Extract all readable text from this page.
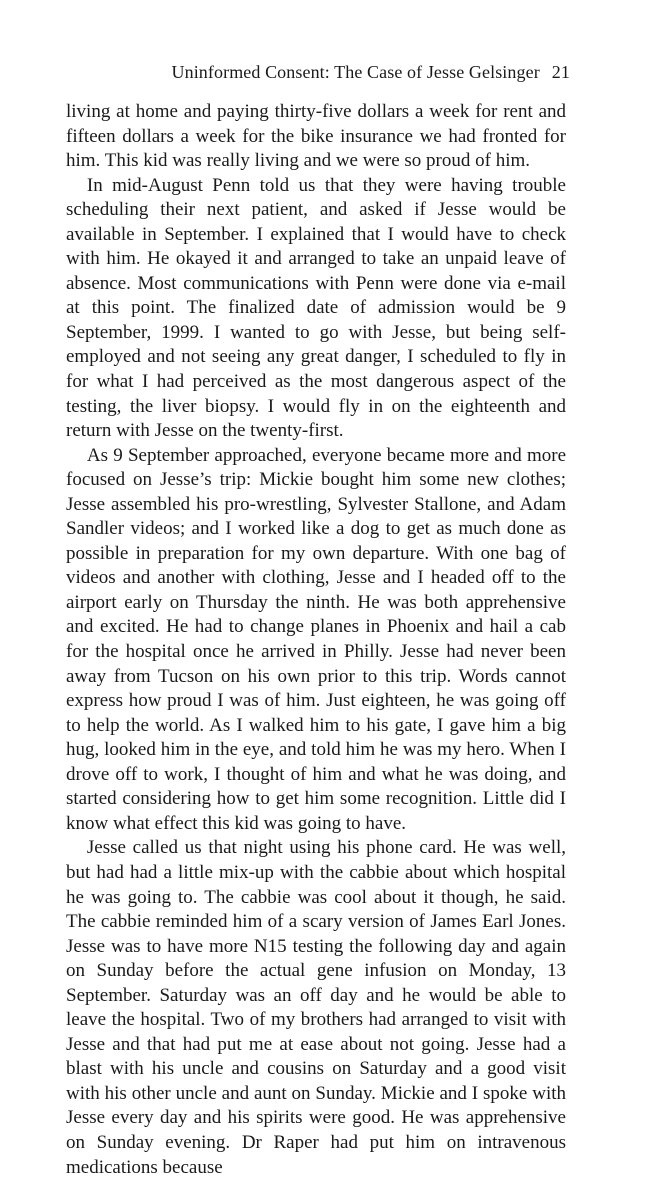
Uninformed Consent: The Case of Jesse Gelsinger 21

living at home and paying thirty-five dollars a week for rent and fifteen dollars a week for the bike insurance we had fronted for him. This kid was really living and we were so proud of him.

In mid-August Penn told us that they were having trouble scheduling their next patient, and asked if Jesse would be available in September. I explained that I would have to check with him. He okayed it and arranged to take an unpaid leave of absence. Most communications with Penn were done via e-mail at this point. The finalized date of admission would be 9 September, 1999. I wanted to go with Jesse, but being self-employed and not seeing any great danger, I scheduled to fly in for what I had perceived as the most dangerous aspect of the testing, the liver biopsy. I would fly in on the eighteenth and return with Jesse on the twenty-first.

As 9 September approached, everyone became more and more focused on Jesse’s trip: Mickie bought him some new clothes; Jesse assembled his pro-wrestling, Sylvester Stallone, and Adam Sandler videos; and I worked like a dog to get as much done as possible in preparation for my own departure. With one bag of videos and another with clothing, Jesse and I headed off to the airport early on Thursday the ninth. He was both apprehensive and excited. He had to change planes in Phoenix and hail a cab for the hospital once he arrived in Philly. Jesse had never been away from Tucson on his own prior to this trip. Words cannot express how proud I was of him. Just eighteen, he was going off to help the world. As I walked him to his gate, I gave him a big hug, looked him in the eye, and told him he was my hero. When I drove off to work, I thought of him and what he was doing, and started considering how to get him some recognition. Little did I know what effect this kid was going to have.

Jesse called us that night using his phone card. He was well, but had had a little mix-up with the cabbie about which hospital he was going to. The cabbie was cool about it though, he said. The cabbie reminded him of a scary version of James Earl Jones. Jesse was to have more N15 testing the following day and again on Sunday before the actual gene infusion on Monday, 13 September. Saturday was an off day and he would be able to leave the hospital. Two of my brothers had arranged to visit with Jesse and that had put me at ease about not going. Jesse had a blast with his uncle and cousins on Saturday and a good visit with his other uncle and aunt on Sunday. Mickie and I spoke with Jesse every day and his spirits were good. He was apprehensive on Sunday evening. Dr Raper had put him on intravenous medications because
